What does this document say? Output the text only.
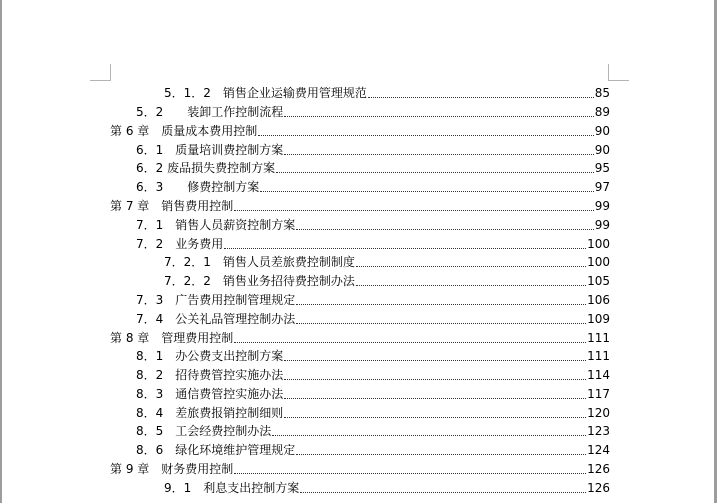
5．1．2　销售企业运输费用管理规范	85
5．2　　装卸工作控制流程	89
第 6 章　质量成本费用控制	90
6．1　质量培训费控制方案	90
6．2 废品损失费控制方案	95
6．3　　修费控制方案	97
第 7 章　销售费用控制	99
7．1　销售人员薪资控制方案	99
7．2　业务费用	100
7．2．1　销售人员差旅费控制制度	100
7．2．2　销售业务招待费控制办法	105
7．3　广告费用控制管理规定	106
7．4　公关礼品管理控制办法	109
第 8 章　管理费用控制	111
8．1　办公费支出控制方案	111
8．2　招待费管控实施办法	114
8．3　通信费管控实施办法	117
8．4　差旅费报销控制细则	120
8．5　工会经费控制办法	123
8．6　绿化环境维护管理规定	124
第 9 章　财务费用控制	126
9．1　利息支出控制方案	126
